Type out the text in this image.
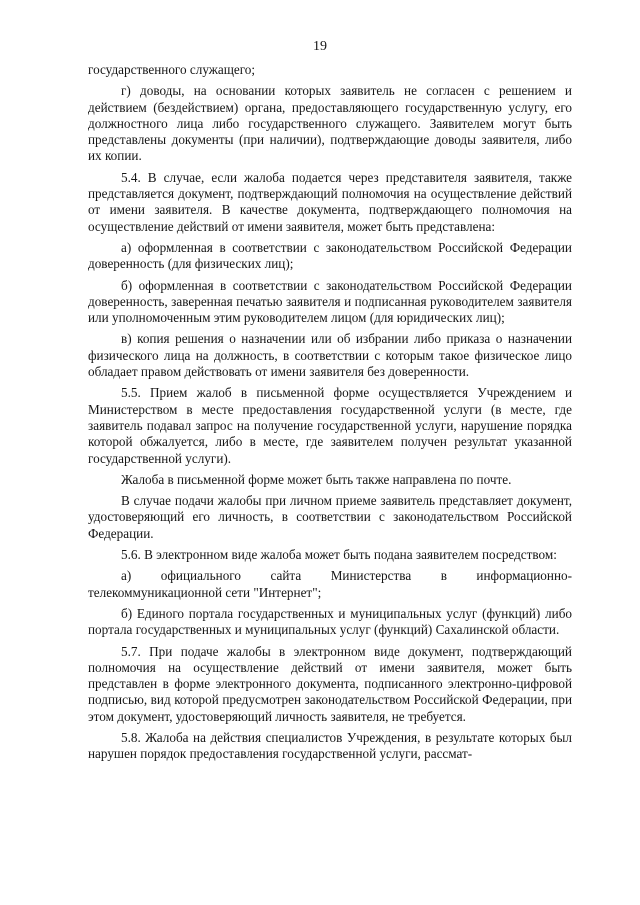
19

государственного служащего;

г) доводы, на основании которых заявитель не согласен с решением и действием (бездействием) органа, предоставляющего государственную услугу, его должностного лица либо государственного служащего. Заявителем могут быть представлены документы (при наличии), подтверждающие доводы заявителя, либо их копии.

5.4. В случае, если жалоба подается через представителя заявителя, также представляется документ, подтверждающий полномочия на осуществление действий от имени заявителя. В качестве документа, подтверждающего полномочия на осуществление действий от имени заявителя, может быть представлена:

а) оформленная в соответствии с законодательством Российской Федерации доверенность (для физических лиц);

б) оформленная в соответствии с законодательством Российской Федерации доверенность, заверенная печатью заявителя и подписанная руководителем заявителя или уполномоченным этим руководителем лицом (для юридических лиц);

в) копия решения о назначении или об избрании либо приказа о назначении физического лица на должность, в соответствии с которым такое физическое лицо обладает правом действовать от имени заявителя без доверенности.

5.5. Прием жалоб в письменной форме осуществляется Учреждением и Министерством в месте предоставления государственной услуги (в месте, где заявитель подавал запрос на получение государственной услуги, нарушение порядка которой обжалуется, либо в месте, где заявителем получен результат указанной государственной услуги).

Жалоба в письменной форме может быть также направлена по почте.

В случае подачи жалобы при личном приеме заявитель представляет документ, удостоверяющий его личность, в соответствии с законодательством Российской Федерации.

5.6. В электронном виде жалоба может быть подана заявителем посредством:

а) официального сайта Министерства в информационно-

телекоммуникационной сети "Интернет";

б) Единого портала государственных и муниципальных услуг (функций) либо портала государственных и муниципальных услуг (функций) Сахалинской области.

5.7. При подаче жалобы в электронном виде документ, подтверждающий полномочия на осуществление действий от имени заявителя, может быть представлен в форме электронного документа, подписанного электронно-цифровой подписью, вид которой предусмотрен законодательством Российской Федерации, при этом документ, удостоверяющий личность заявителя, не требуется.

5.8. Жалоба на действия специалистов Учреждения, в результате которых был нарушен порядок предоставления государственной услуги, рассмат-
